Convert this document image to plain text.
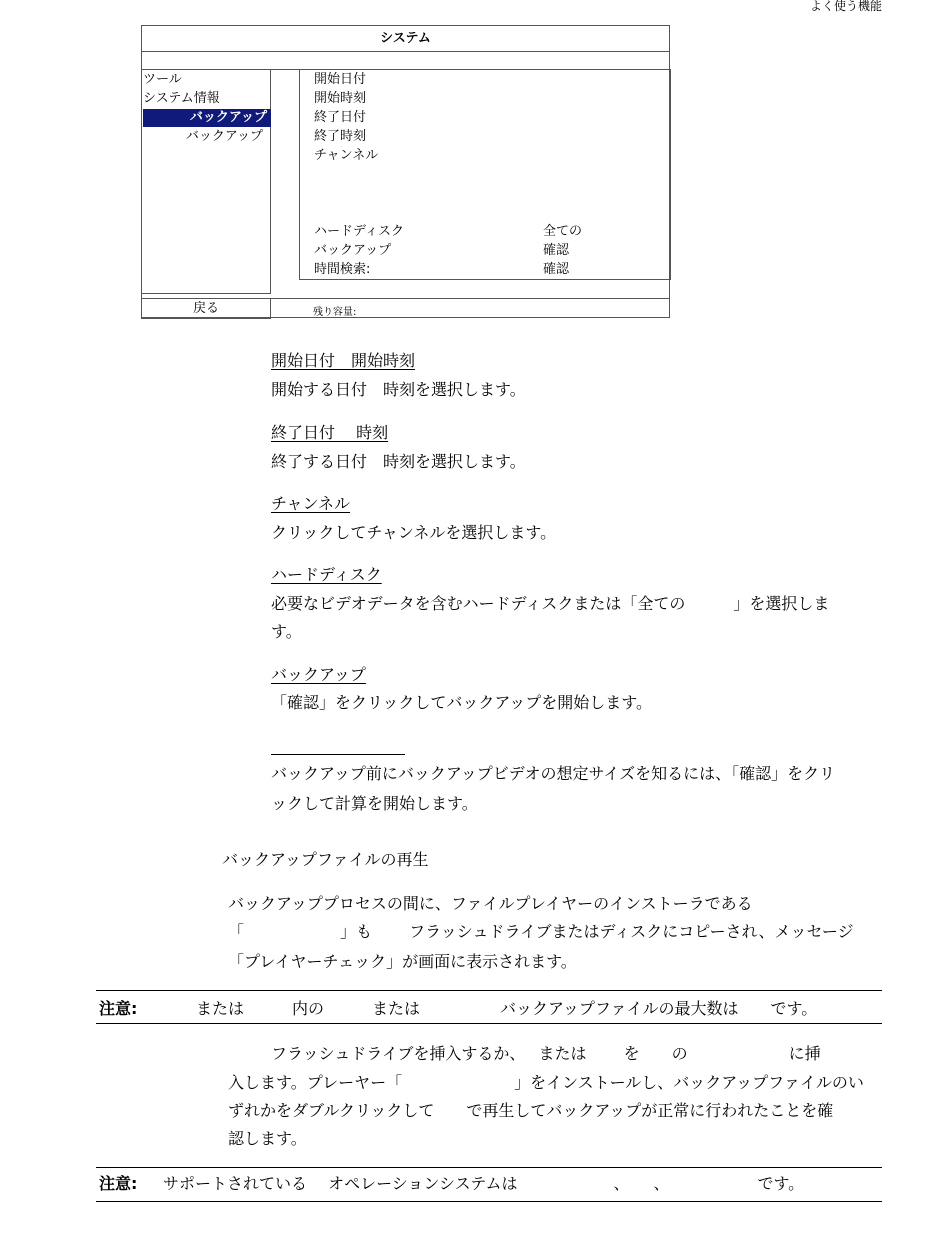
よく使う機能
システム
ツール
システム情報
バックアップ
バックアップ
開始日付
開始時刻
終了日付
終了時刻
チャンネル
ハードディスク	全ての
バックアップ	確認
時間検索:	確認
戻る	残り容量:
開始日付　開始時刻
開始する日付　時刻を選択します。
終了日付　 時刻
終了する日付　時刻を選択します。
チャンネル
クリックしてチャンネルを選択します。
ハードディスク
必要なビデオデータを含むハードディスクまたは「全ての　　　」を選択しま
す。
バックアップ
「確認」をクリックしてバックアップを開始します。
バックアップ前にバックアップビデオの想定サイズを知るには、「確認」をクリ
ックして計算を開始します。
バックアップファイルの再生
バックアッププロセスの間に、ファイルプレイヤーのインストーラである
「　　　　　　」も　　 フラッシュドライブまたはディスクにコピーされ、メッセージ
「プレイヤーチェック」が画面に表示されます。
注意:	または　　　内の　　　または　　　　　バックアップファイルの最大数は　　です。
フラッシュドライブを挿入するか、　 または　　 を　　の　　　　　　 に挿
入します。プレーヤー「　　　　　　　」をインストールし、バックアップファイルのい
ずれかをダブルクリックして　　で再生してバックアップが正常に行われたことを確
認します。
注意: サポートされている　 オペレーションシステムは　　　　　　、　　、　　　　　　です。
